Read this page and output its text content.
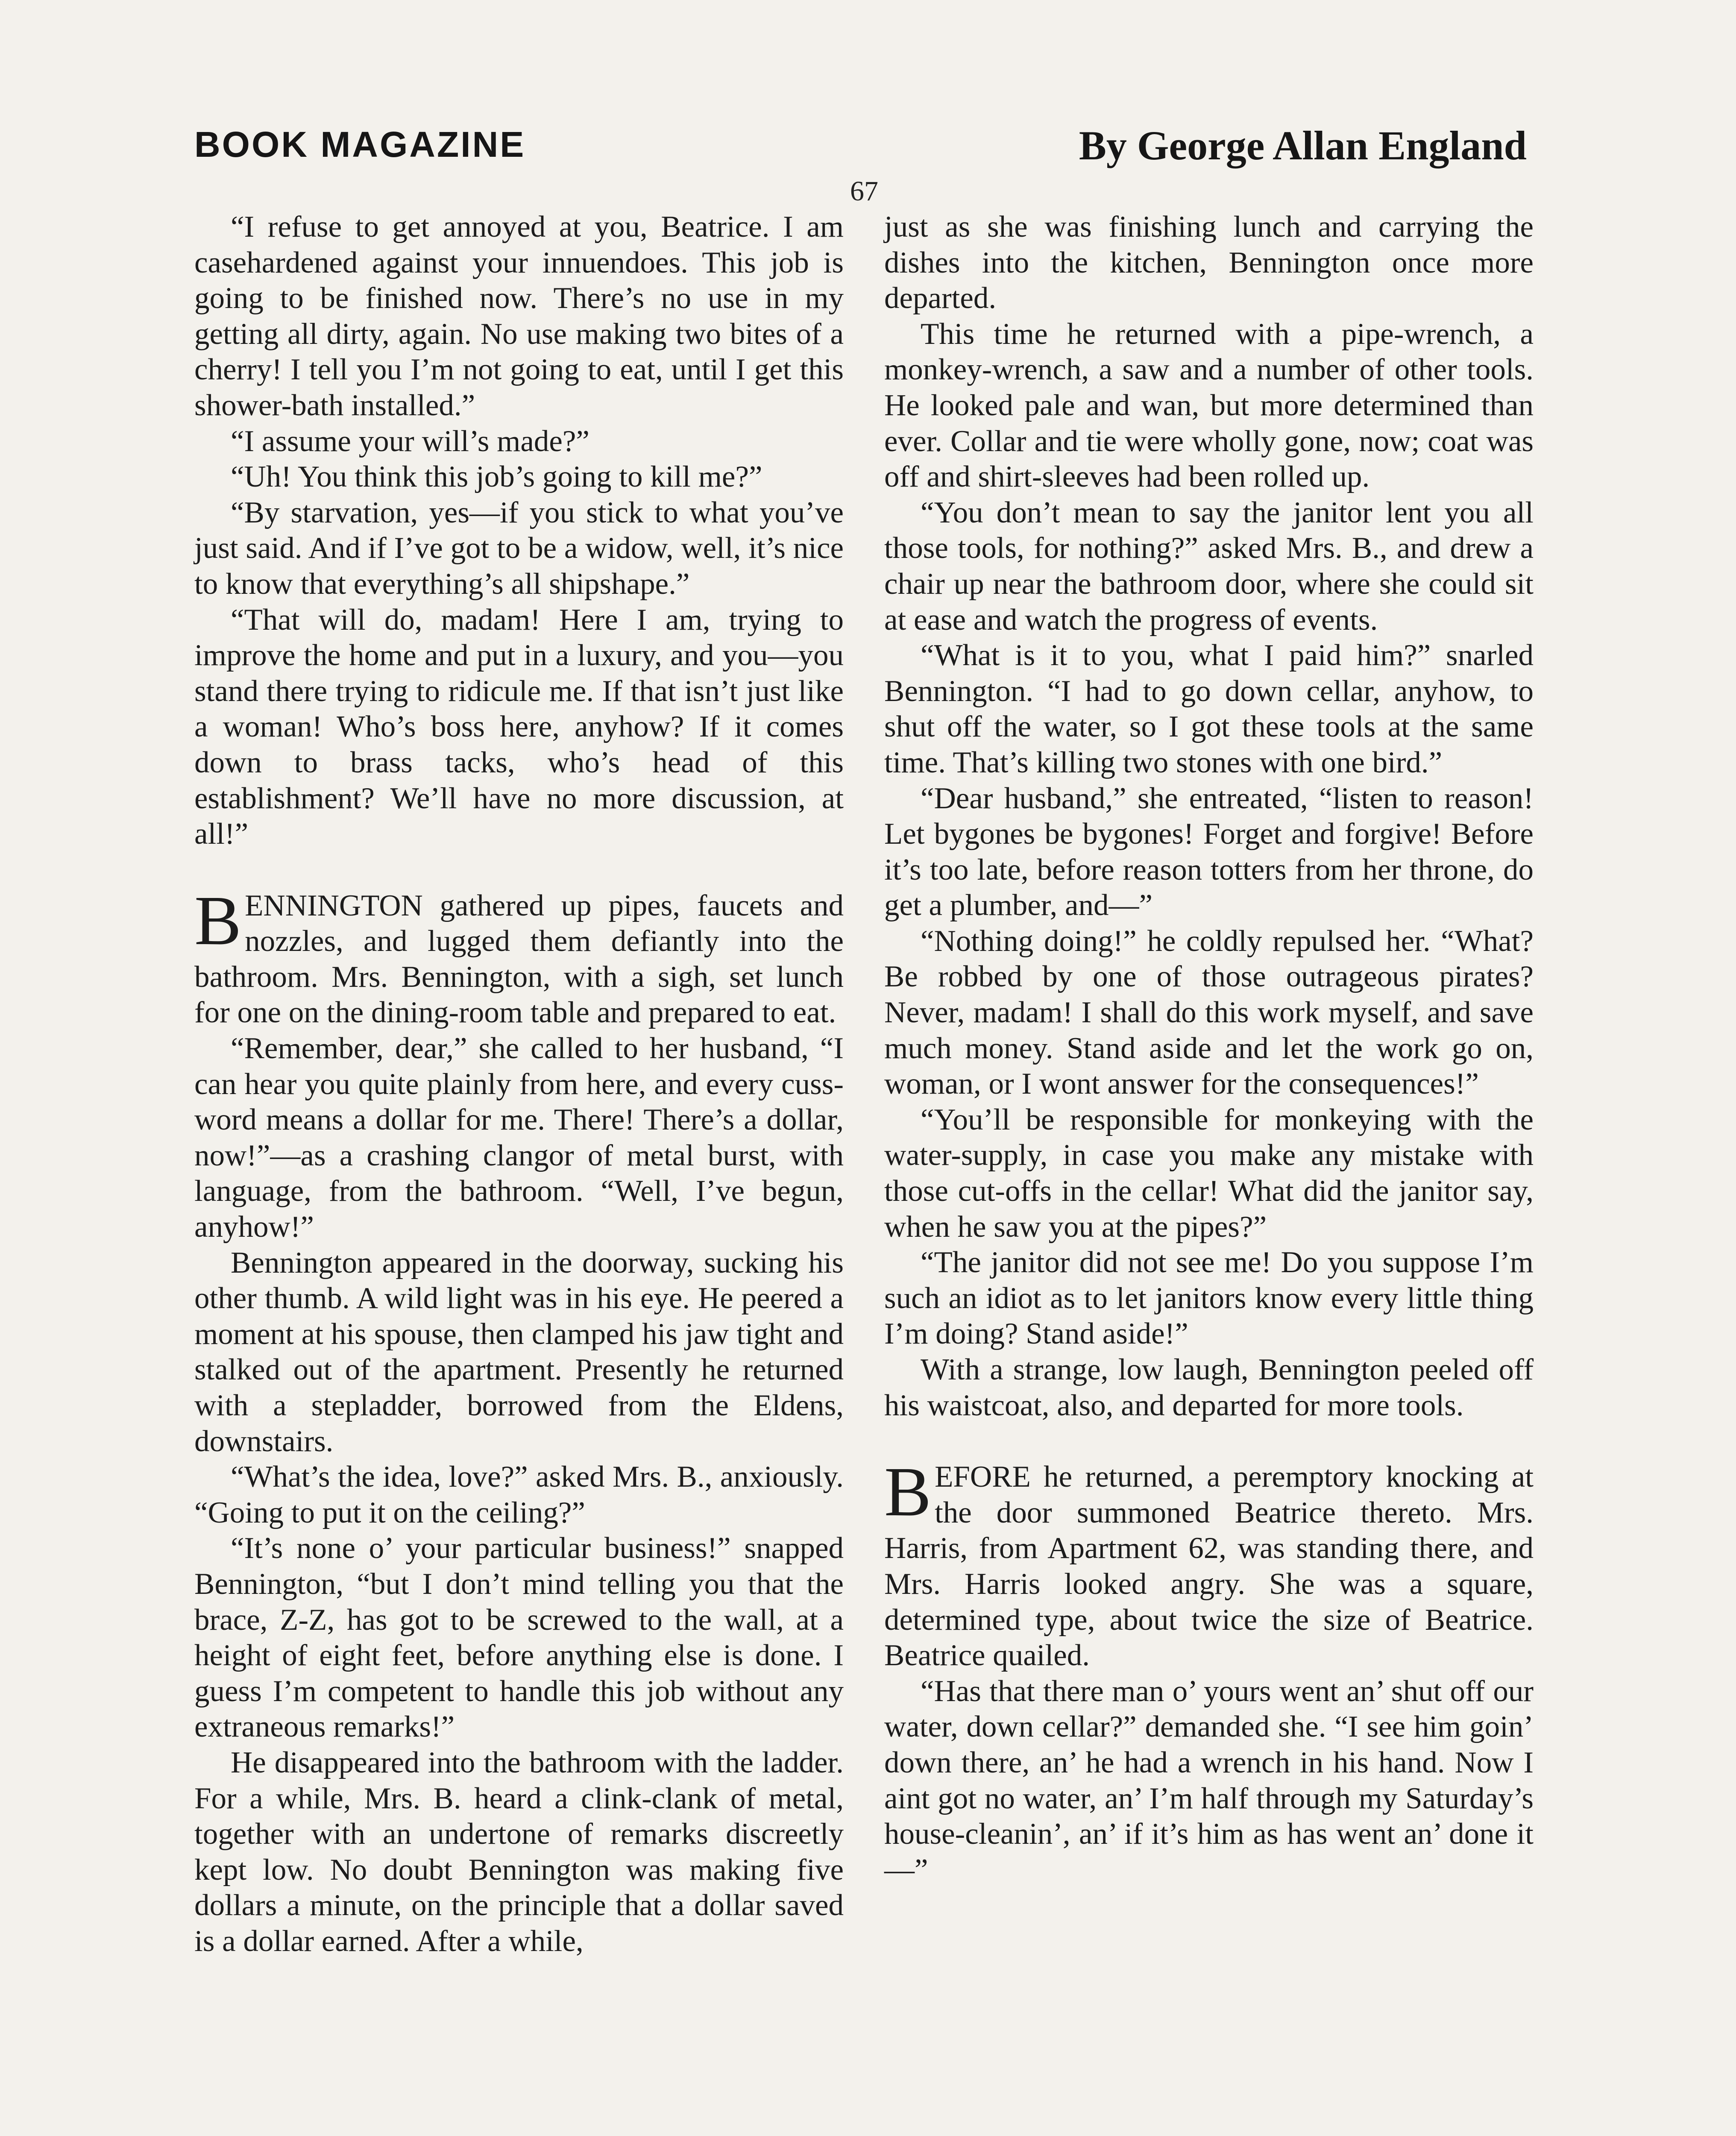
BOOK MAGAZINE	By George Allan England
67

“I refuse to get annoyed at you, Beatrice. I am casehardened against your innuendoes. This job is going to be finished now. There’s no use in my getting all dirty, again. No use making two bites of a cherry! I tell you I’m not going to eat, until I get this shower-bath installed.”

“I assume your will’s made?”

“Uh! You think this job’s going to kill me?”

“By starvation, yes—if you stick to what you’ve just said. And if I’ve got to be a widow, well, it’s nice to know that everything’s all shipshape.”

“That will do, madam! Here I am, trying to improve the home and put in a luxury, and you—you stand there trying to ridicule me. If that isn’t just like a woman! Who’s boss here, anyhow? If it comes down to brass tacks, who’s head of this establishment? We’ll have no more discussion, at all!”

BENNINGTON gathered up pipes, faucets and nozzles, and lugged them defiantly into the bathroom. Mrs. Bennington, with a sigh, set lunch for one on the dining-room table and prepared to eat.

“Remember, dear,” she called to her husband, “I can hear you quite plainly from here, and every cuss-word means a dollar for me. There! There’s a dollar, now!”—as a crashing clangor of metal burst, with language, from the bathroom. “Well, I’ve begun, anyhow!”

Bennington appeared in the doorway, sucking his other thumb. A wild light was in his eye. He peered a moment at his spouse, then clamped his jaw tight and stalked out of the apartment. Presently he returned with a stepladder, borrowed from the Eldens, downstairs.

“What’s the idea, love?” asked Mrs. B., anxiously. “Going to put it on the ceiling?”

“It’s none o’ your particular business!” snapped Bennington, “but I don’t mind telling you that the brace, Z-Z, has got to be screwed to the wall, at a height of eight feet, before anything else is done. I guess I’m competent to handle this job without any extraneous remarks!”

He disappeared into the bathroom with the ladder. For a while, Mrs. B. heard a clink-clank of metal, together with an undertone of remarks discreetly kept low. No doubt Bennington was making five dollars a minute, on the principle that a dollar saved is a dollar earned. After a while,

just as she was finishing lunch and carrying the dishes into the kitchen, Bennington once more departed.

This time he returned with a pipe-wrench, a monkey-wrench, a saw and a number of other tools. He looked pale and wan, but more determined than ever. Collar and tie were wholly gone, now; coat was off and shirt-sleeves had been rolled up.

“You don’t mean to say the janitor lent you all those tools, for nothing?” asked Mrs. B., and drew a chair up near the bathroom door, where she could sit at ease and watch the progress of events.

“What is it to you, what I paid him?” snarled Bennington. “I had to go down cellar, anyhow, to shut off the water, so I got these tools at the same time. That’s killing two stones with one bird.”

“Dear husband,” she entreated, “listen to reason! Let bygones be bygones! Forget and forgive! Before it’s too late, before reason totters from her throne, do get a plumber, and—”

“Nothing doing!” he coldly repulsed her. “What? Be robbed by one of those outrageous pirates? Never, madam! I shall do this work myself, and save much money. Stand aside and let the work go on, woman, or I wont answer for the consequences!”

“You’ll be responsible for monkeying with the water-supply, in case you make any mistake with those cut-offs in the cellar! What did the janitor say, when he saw you at the pipes?”

“The janitor did not see me! Do you suppose I’m such an idiot as to let janitors know every little thing I’m doing? Stand aside!”

With a strange, low laugh, Bennington peeled off his waistcoat, also, and departed for more tools.

BEFORE he returned, a peremptory knocking at the door summoned Beatrice thereto. Mrs. Harris, from Apartment 62, was standing there, and Mrs. Harris looked angry. She was a square, determined type, about twice the size of Beatrice. Beatrice quailed.

“Has that there man o’ yours went an’ shut off our water, down cellar?” demanded she. “I see him goin’ down there, an’ he had a wrench in his hand. Now I aint got no water, an’ I’m half through my Saturday’s house-cleanin’, an’ if it’s him as has went an’ done it—”
